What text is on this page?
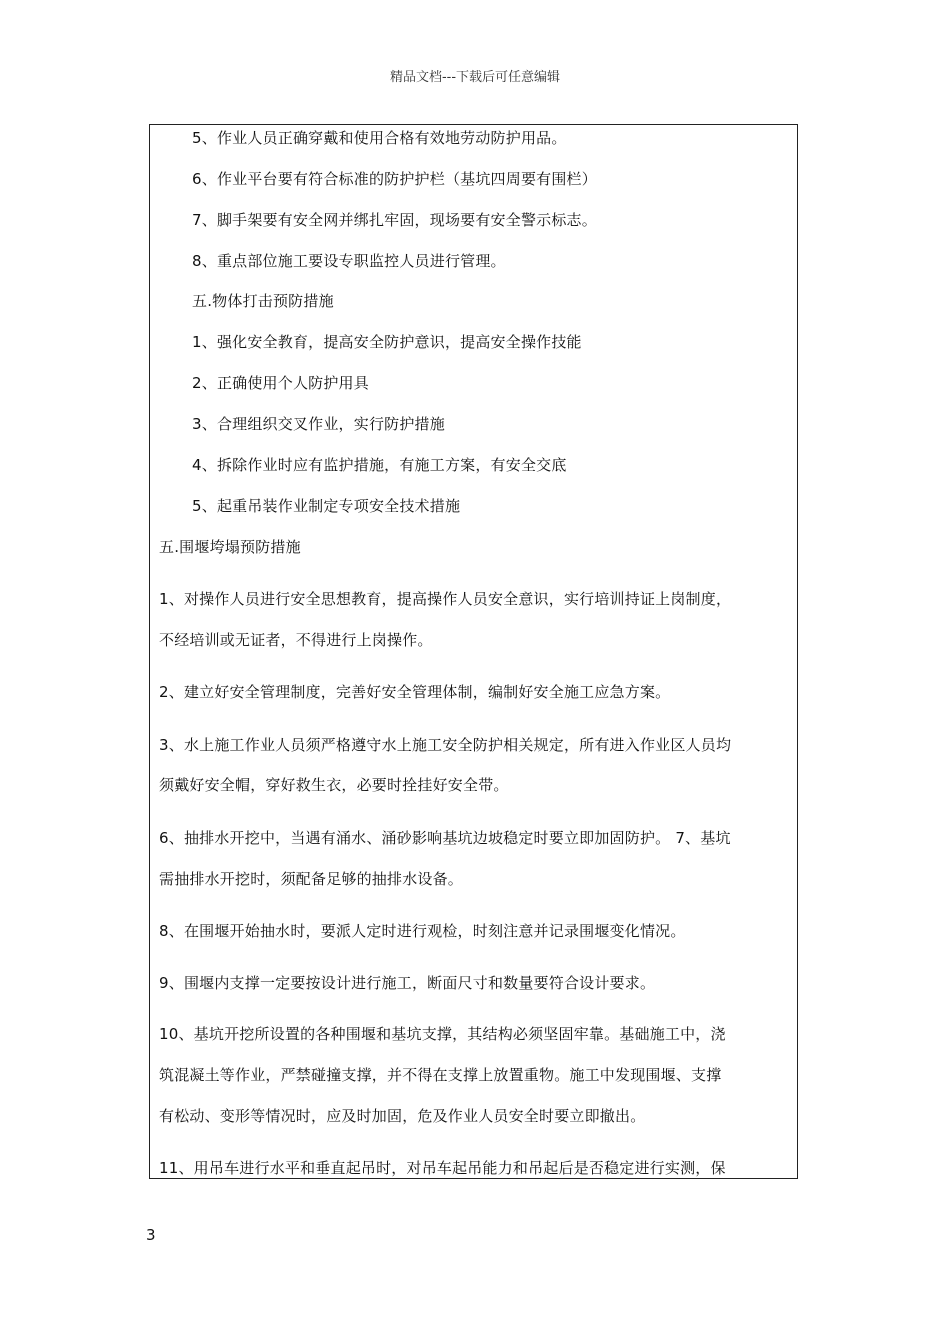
精品文档---下载后可任意编辑
5、作业人员正确穿戴和使用合格有效地劳动防护用品。
6、作业平台要有符合标准的防护护栏（基坑四周要有围栏）
7、脚手架要有安全网并绑扎牢固，现场要有安全警示标志。
8、重点部位施工要设专职监控人员进行管理。
五.物体打击预防措施
1、强化安全教育，提高安全防护意识，提高安全操作技能
2、正确使用个人防护用具
3、合理组织交叉作业，实行防护措施
4、拆除作业时应有监护措施，有施工方案，有安全交底
5、起重吊装作业制定专项安全技术措施
五.围堰垮塌预防措施
1、对操作人员进行安全思想教育，提高操作人员安全意识，实行培训持证上岗制度，
不经培训或无证者，不得进行上岗操作。
2、建立好安全管理制度，完善好安全管理体制，编制好安全施工应急方案。
3、水上施工作业人员须严格遵守水上施工安全防护相关规定，所有进入作业区人员均
须戴好安全帽，穿好救生衣，必要时拴挂好安全带。
6、抽排水开挖中，当遇有涌水、涌砂影响基坑边坡稳定时要立即加固防护。 7、基坑
需抽排水开挖时，须配备足够的抽排水设备。
8、在围堰开始抽水时，要派人定时进行观检，时刻注意并记录围堰变化情况。
9、围堰内支撑一定要按设计进行施工，断面尺寸和数量要符合设计要求。
10、基坑开挖所设置的各种围堰和基坑支撑，其结构必须坚固牢靠。基础施工中，浇
筑混凝土等作业，严禁碰撞支撑，并不得在支撑上放置重物。施工中发现围堰、支撑
有松动、变形等情况时，应及时加固，危及作业人员安全时要立即撤出。
11、用吊车进行水平和垂直起吊时，对吊车起吊能力和吊起后是否稳定进行实测，保
3
